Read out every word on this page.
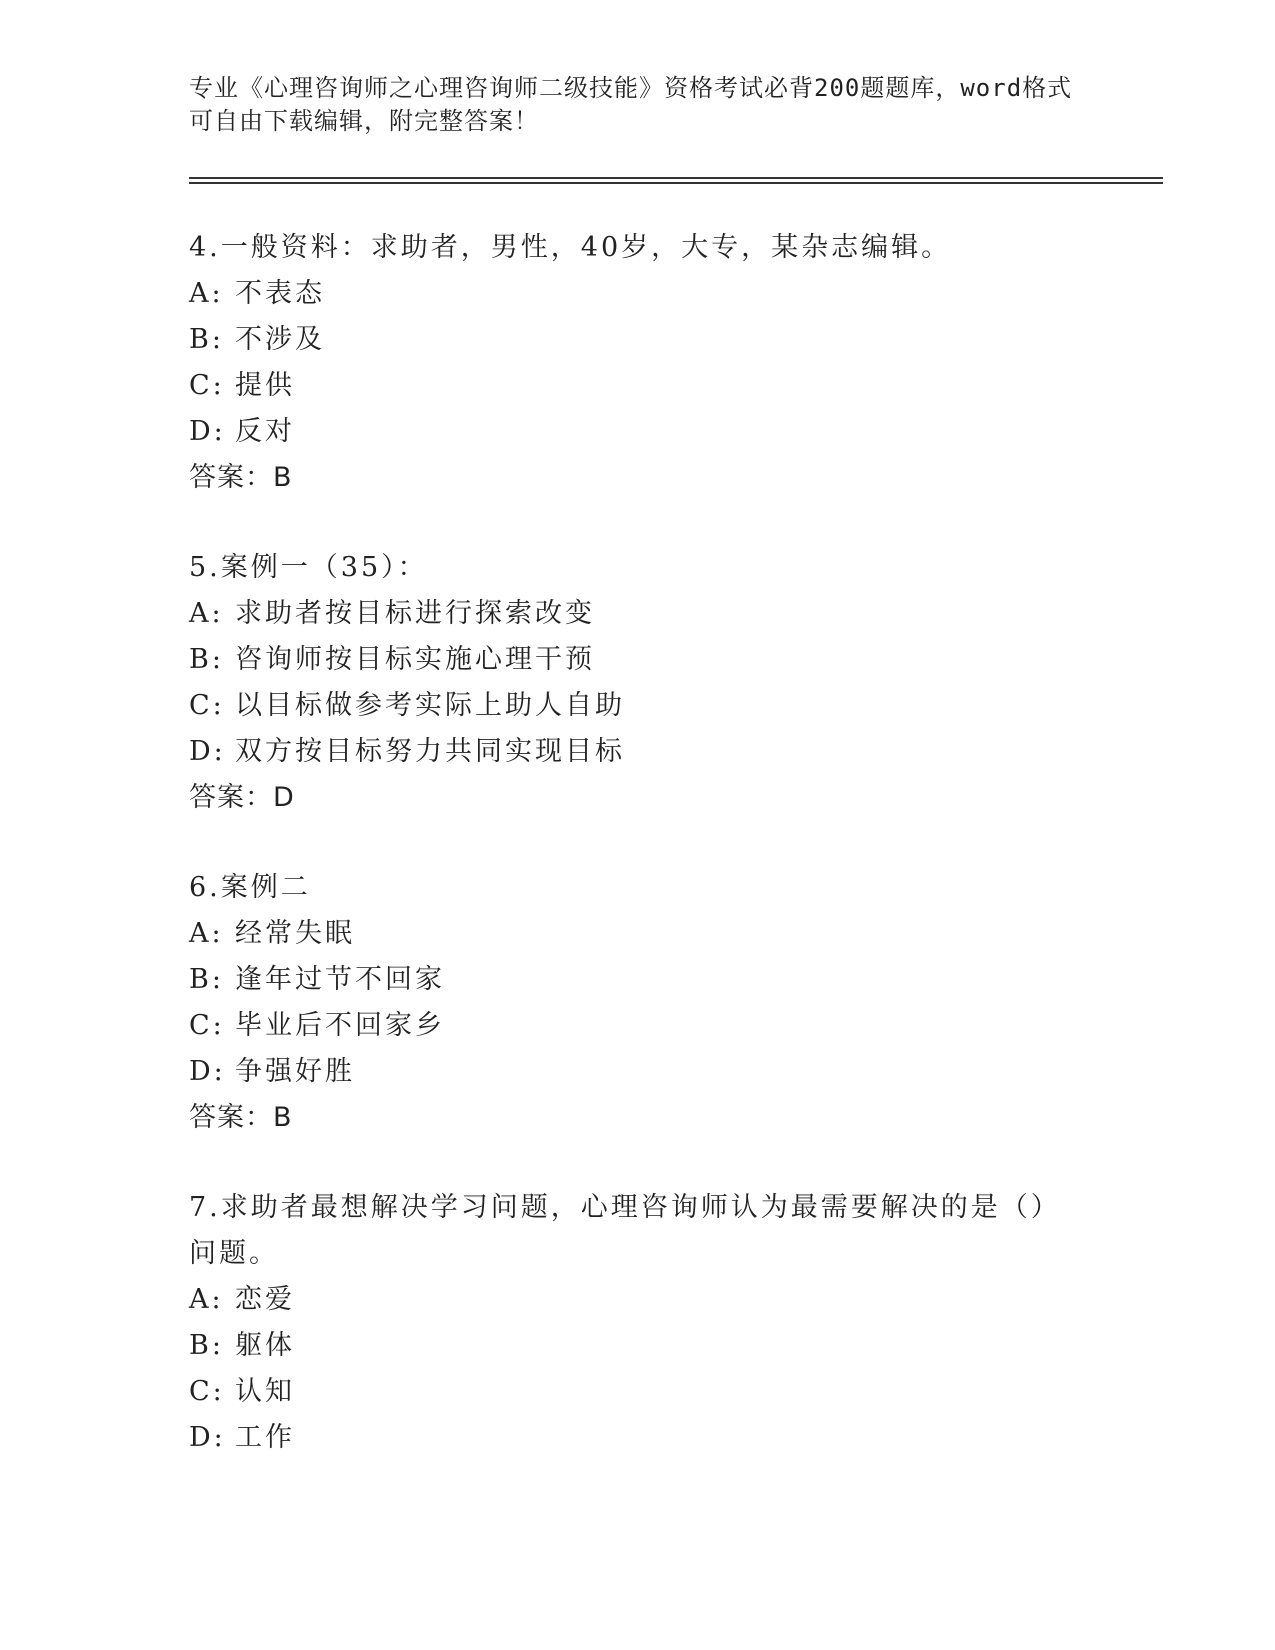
专业《心理咨询师之心理咨询师二级技能》资格考试必背200题题库，word格式
可自由下载编辑，附完整答案！
4.一般资料：求助者，男性，40岁，大专，某杂志编辑。
A: 不表态
B: 不涉及
C: 提供
D: 反对
答案：B
5.案例一（35）：
A: 求助者按目标进行探索改变
B: 咨询师按目标实施心理干预
C: 以目标做参考实际上助人自助
D: 双方按目标努力共同实现目标
答案：D
6.案例二
A: 经常失眠
B: 逢年过节不回家
C: 毕业后不回家乡
D: 争强好胜
答案：B
7.求助者最想解决学习问题，心理咨询师认为最需要解决的是（）问题。
A: 恋爱
B: 躯体
C: 认知
D: 工作
